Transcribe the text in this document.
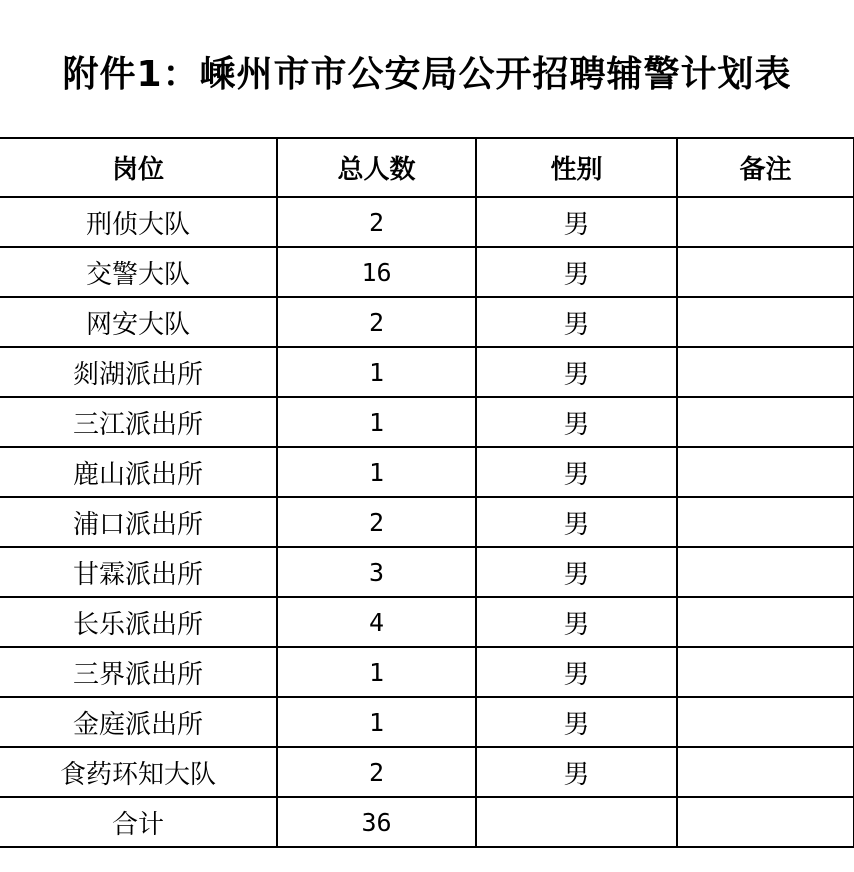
附件1：嵊州市市公安局公开招聘辅警计划表
岗位	总人数	性别	备注
刑侦大队	2	男	
交警大队	16	男	
网安大队	2	男	
剡湖派出所	1	男	
三江派出所	1	男	
鹿山派出所	1	男	
浦口派出所	2	男	
甘霖派出所	3	男	
长乐派出所	4	男	
三界派出所	1	男	
金庭派出所	1	男	
食药环知大队	2	男	
合计	36		
